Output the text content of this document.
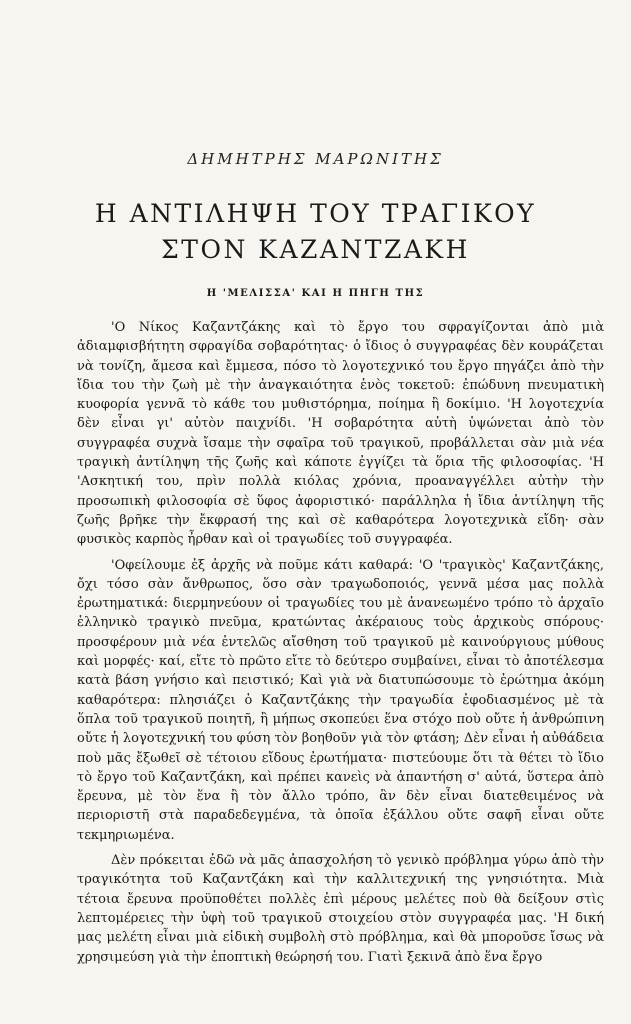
ΔΗΜΗΤΡΗΣ ΜΑΡΩΝΙΤΗΣ
Η ΑΝΤΙΛΗΨΗ ΤΟΥ ΤΡΑΓΙΚΟΥ
ΣΤΟΝ ΚΑΖΑΝΤΖΑΚΗ
Η 'ΜΕΛΙΣΣΑ' ΚΑΙ Η ΠΗΓΗ ΤΗΣ

'Ο Νίκος Καζαντζάκης καὶ τὸ ἔργο του σφραγίζονται ἀπὸ μιὰ ἀδιαμφισβήτητη σφραγίδα σοβαρότητας· ὁ ἴδιος ὁ συγγραφέας δὲν κουράζεται νὰ τονίζη, ἄμεσα καὶ ἔμμεσα, πόσο τὸ λογοτεχνικό του ἔργο πηγάζει ἀπὸ τὴν ἴδια του τὴν ζωὴ μὲ τὴν ἀναγκαιότητα ἑνὸς τοκετοῦ: ἐπώδυνη πνευματικὴ κυοφορία γεννᾶ τὸ κάθε του μυθιστόρημα, ποίημα ἢ δοκίμιο. 'Η λογοτεχνία δὲν εἶναι γι' αὐτὸν παιχνίδι. 'Η σοβαρότητα αὐτὴ ὑψώνεται ἀπὸ τὸν συγγραφέα συχνὰ ἴσαμε τὴν σφαῖρα τοῦ τραγικοῦ, προβάλλεται σὰν μιὰ νέα τραγικὴ ἀντίληψη τῆς ζωῆς καὶ κάποτε ἐγγίζει τὰ ὅρια τῆς φιλοσοφίας. 'Η 'Ασκητική του, πρὶν πολλὰ κιόλας χρόνια, προαναγγέλλει αὐτὴν τὴν προσωπικὴ φιλοσοφία σὲ ὕφος ἀφοριστικό· παράλληλα ἡ ἴδια ἀντίληψη τῆς ζωῆς βρῆκε τὴν ἔκφρασή της καὶ σὲ καθαρότερα λογοτεχνικὰ εἴδη· σὰν φυσικὸς καρπὸς ἦρθαν καὶ οἱ τραγωδίες τοῦ συγγραφέα.

'Οφείλουμε ἐξ ἀρχῆς νὰ ποῦμε κάτι καθαρά: 'Ο 'τραγικὸς' Καζαντζάκης, ὄχι τόσο σὰν ἄνθρωπος, ὅσο σὰν τραγωδοποιός, γεννᾶ μέσα μας πολλὰ ἐρωτηματικά: διερμηνεύουν οἱ τραγωδίες του μὲ ἀνανεωμένο τρόπο τὸ ἀρχαῖο ἑλληνικὸ τραγικὸ πνεῦμα, κρατώντας ἀκέραιους τοὺς ἀρχικοὺς σπόρους· προσφέρουν μιὰ νέα ἐντελῶς αἴσθηση τοῦ τραγικοῦ μὲ καινούργιους μύθους καὶ μορφές· καί, εἴτε τὸ πρῶτο εἴτε τὸ δεύτερο συμβαίνει, εἶναι τὸ ἀποτέλεσμα κατὰ βάση γνήσιο καὶ πειστικό; Καὶ γιὰ νὰ διατυπώσουμε τὸ ἐρώτημα ἀκόμη καθαρότερα: πλησιάζει ὁ Καζαντζάκης τὴν τραγωδία ἐφοδιασμένος μὲ τὰ ὅπλα τοῦ τραγικοῦ ποιητῆ, ἢ μήπως σκοπεύει ἕνα στόχο ποὺ οὔτε ἡ ἀνθρώπινη οὔτε ἡ λογοτεχνική του φύση τὸν βοηθοῦν γιὰ τὸν φτάση; Δὲν εἶναι ἡ αὐθάδεια ποὺ μᾶς ἔξωθεῖ σὲ τέτοιου εἴδους ἐρωτήματα· πιστεύουμε ὅτι τὰ θέτει τὸ ἴδιο τὸ ἔργο τοῦ Καζαντζάκη, καὶ πρέπει κανεὶς νὰ ἀπαντήση σ' αὐτά, ὕστερα ἀπὸ ἔρευνα, μὲ τὸν ἕνα ἢ τὸν ἄλλο τρόπο, ἂν δὲν εἶναι διατεθειμένος νὰ περιοριστῆ στὰ παραδεδεγμένα, τὰ ὁποῖα ἐξάλλου οὔτε σαφῆ εἶναι οὔτε τεκμηριωμένα.

Δὲν πρόκειται ἐδῶ νὰ μᾶς ἀπασχολήση τὸ γενικὸ πρόβλημα γύρω ἀπὸ τὴν τραγικότητα τοῦ Καζαντζάκη καὶ τὴν καλλιτεχνική της γνησιότητα. Μιὰ τέτοια ἔρευνα προϋποθέτει πολλὲς ἐπὶ μέρους μελέτες ποὺ θὰ δείξουν στὶς λεπτομέρειες τὴν ὑφὴ τοῦ τραγικοῦ στοιχείου στὸν συγγραφέα μας. 'Η δική μας μελέτη εἶναι μιὰ εἰδικὴ συμβολὴ στὸ πρόβλημα, καὶ θὰ μποροῦσε ἴσως νὰ χρησιμεύση γιὰ τὴν ἐποπτικὴ θεώρησή του. Γιατὶ ξεκινᾶ ἀπὸ ἕνα ἔργο
